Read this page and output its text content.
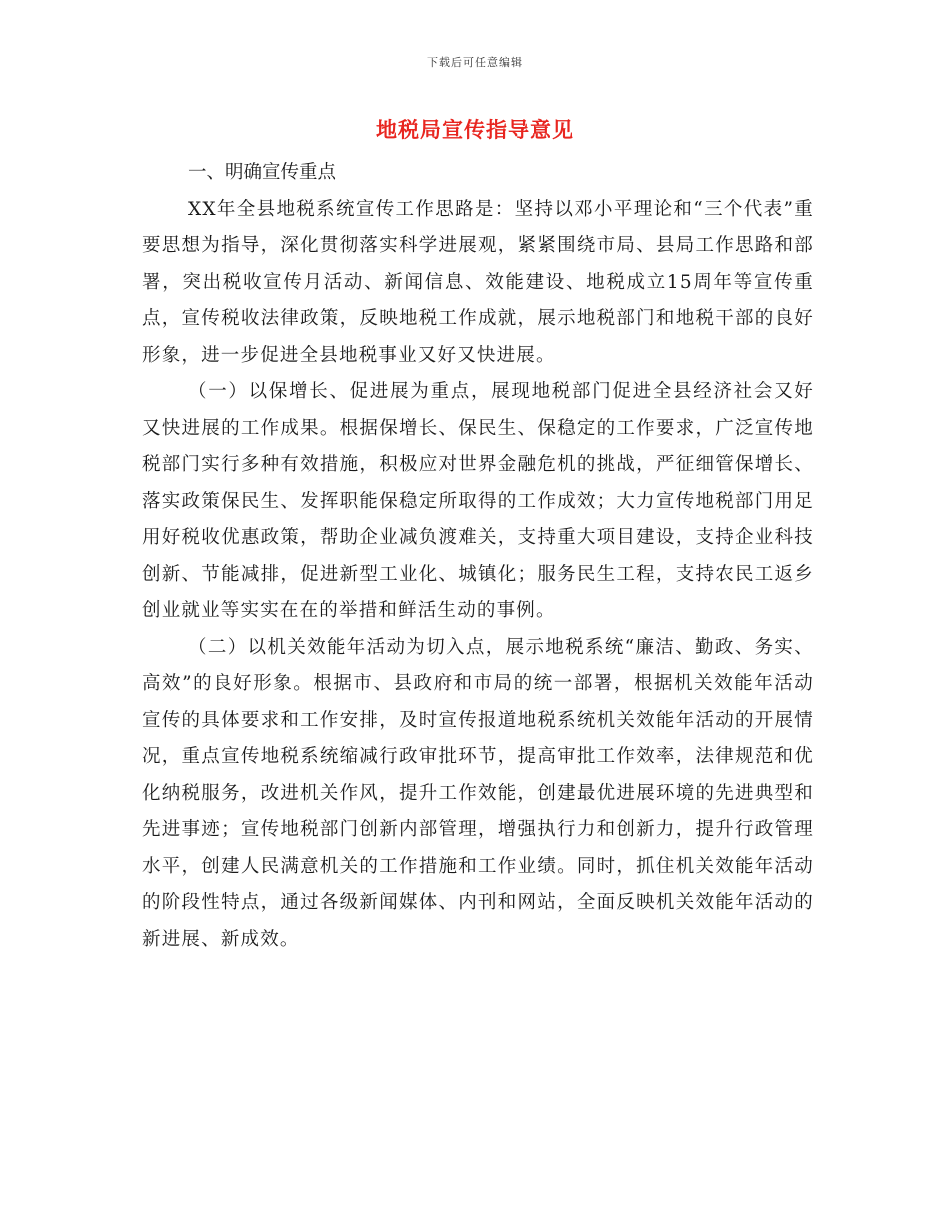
下载后可任意编辑
地税局宣传指导意见

一、明确宣传重点

XX年全县地税系统宣传工作思路是：坚持以邓小平理论和“三个代表”重要思想为指导，深化贯彻落实科学进展观，紧紧围绕市局、县局工作思路和部署，突出税收宣传月活动、新闻信息、效能建设、地税成立15周年等宣传重点，宣传税收法律政策，反映地税工作成就，展示地税部门和地税干部的良好形象，进一步促进全县地税事业又好又快进展。

（一）以保增长、促进展为重点，展现地税部门促进全县经济社会又好又快进展的工作成果。根据保增长、保民生、保稳定的工作要求，广泛宣传地税部门实行多种有效措施，积极应对世界金融危机的挑战，严征细管保增长、落实政策保民生、发挥职能保稳定所取得的工作成效；大力宣传地税部门用足用好税收优惠政策，帮助企业减负渡难关，支持重大项目建设，支持企业科技创新、节能减排，促进新型工业化、城镇化；服务民生工程，支持农民工返乡创业就业等实实在在的举措和鲜活生动的事例。

（二）以机关效能年活动为切入点，展示地税系统“廉洁、勤政、务实、高效”的良好形象。根据市、县政府和市局的统一部署，根据机关效能年活动宣传的具体要求和工作安排，及时宣传报道地税系统机关效能年活动的开展情况，重点宣传地税系统缩减行政审批环节，提高审批工作效率，法律规范和优化纳税服务，改进机关作风，提升工作效能，创建最优进展环境的先进典型和先进事迹；宣传地税部门创新内部管理，增强执行力和创新力，提升行政管理水平，创建人民满意机关的工作措施和工作业绩。同时，抓住机关效能年活动的阶段性特点，通过各级新闻媒体、内刊和网站，全面反映机关效能年活动的新进展、新成效。
